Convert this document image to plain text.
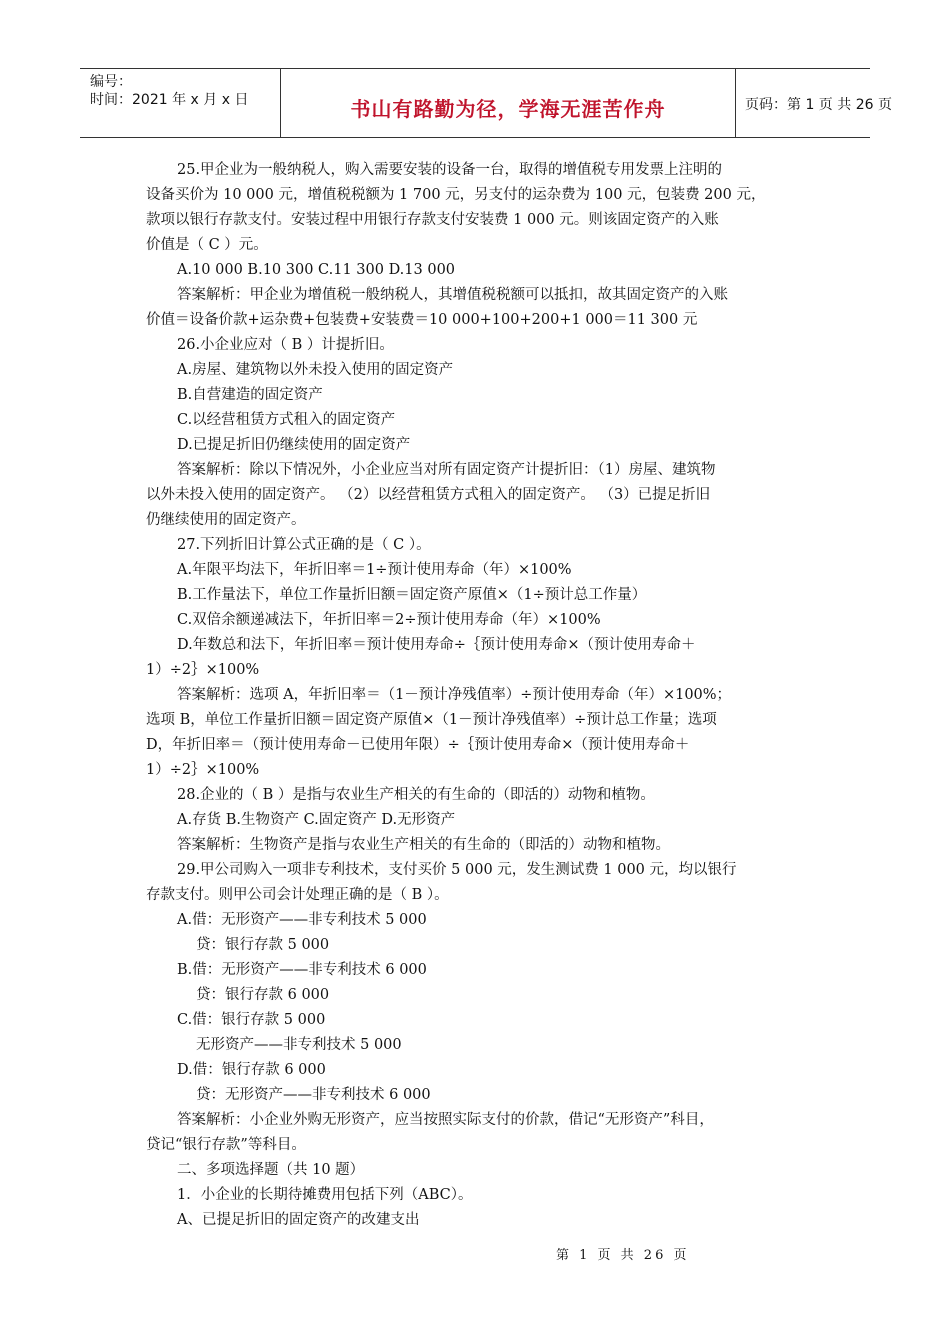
编号：
时间：2021 年 x 月 x 日	书山有路勤为径，学海无涯苦作舟	页码：第 1 页 共 26 页
25.甲企业为一般纳税人，购入需要安装的设备一台，取得的增值税专用发票上注明的
设备买价为 10 000 元，增值税税额为 1 700 元，另支付的运杂费为 100 元，包装费 200 元，
款项以银行存款支付。安装过程中用银行存款支付安装费 1 000 元。则该固定资产的入账
价值是（ C ）元。
A.10 000 B.10 300 C.11 300 D.13 000
答案解析：甲企业为增值税一般纳税人，其增值税税额可以抵扣，故其固定资产的入账
价值＝设备价款+运杂费+包装费+安装费＝10 000+100+200+1 000＝11 300 元
26.小企业应对（ B ）计提折旧。
A.房屋、建筑物以外未投入使用的固定资产
B.自营建造的固定资产
C.以经营租赁方式租入的固定资产
D.已提足折旧仍继续使用的固定资产
答案解析：除以下情况外，小企业应当对所有固定资产计提折旧：（1）房屋、建筑物
以外未投入使用的固定资产。 （2）以经营租赁方式租入的固定资产。 （3）已提足折旧
仍继续使用的固定资产。
27.下列折旧计算公式正确的是（ C ）。
A.年限平均法下，年折旧率＝1÷预计使用寿命（年）×100%
B.工作量法下，单位工作量折旧额＝固定资产原值×（1÷预计总工作量）
C.双倍余额递减法下，年折旧率＝2÷预计使用寿命（年）×100%
D.年数总和法下，年折旧率＝预计使用寿命÷｛预计使用寿命×（预计使用寿命＋
1）÷2｝×100%
答案解析：选项 A，年折旧率＝（1－预计净残值率）÷预计使用寿命（年）×100%；
选项 B，单位工作量折旧额＝固定资产原值×（1－预计净残值率）÷预计总工作量；选项
D，年折旧率＝（预计使用寿命－已使用年限）÷｛预计使用寿命×（预计使用寿命＋
1）÷2｝×100%
28.企业的（ B ）是指与农业生产相关的有生命的（即活的）动物和植物。
A.存货 B.生物资产 C.固定资产 D.无形资产
答案解析：生物资产是指与农业生产相关的有生命的（即活的）动物和植物。
29.甲公司购入一项非专利技术，支付买价 5 000 元，发生测试费 1 000 元，均以银行
存款支付。则甲公司会计处理正确的是（ B ）。
A.借：无形资产——非专利技术 5 000
贷：银行存款 5 000
B.借：无形资产——非专利技术 6 000
贷：银行存款 6 000
C.借：银行存款 5 000
无形资产——非专利技术 5 000
D.借：银行存款 6 000
贷：无形资产——非专利技术 6 000
答案解析：小企业外购无形资产，应当按照实际支付的价款，借记“无形资产”科目，
贷记“银行存款”等科目。
二、多项选择题（共 10 题）
1．小企业的长期待摊费用包括下列（ABC）。
A、已提足折旧的固定资产的改建支出
第 1 页 共 26 页
